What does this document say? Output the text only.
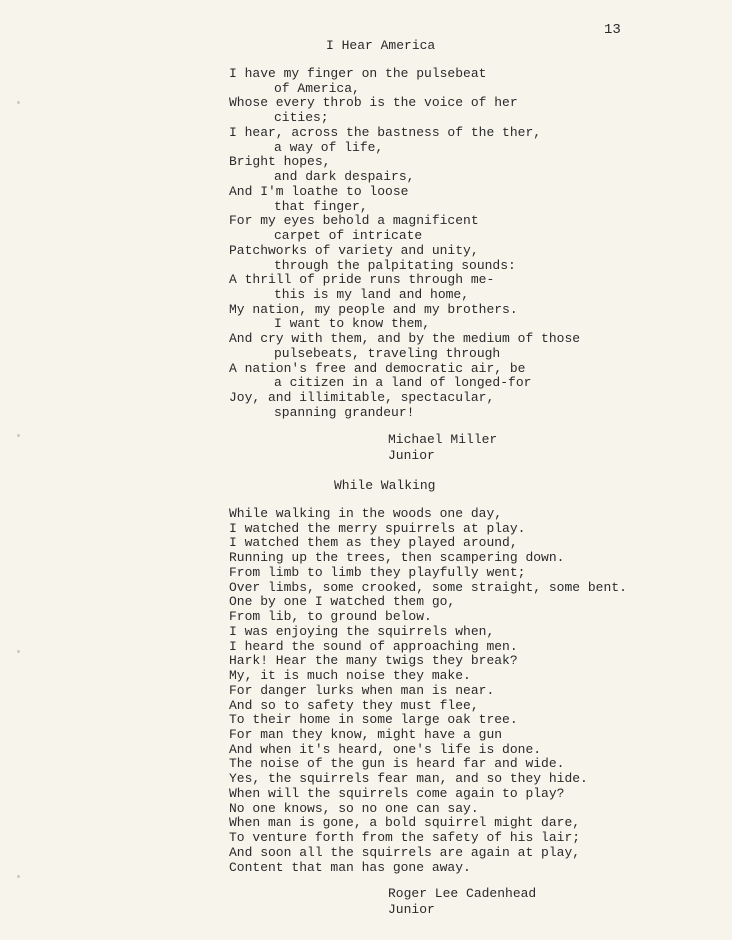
13
I Hear America
I have my finger on the pulsebeat
of America,
Whose every throb is the voice of her
cities;
I hear, across the bastness of the ther,
a way of life,
Bright hopes,
and dark despairs,
And I'm loathe to loose
that finger,
For my eyes behold a magnificent
carpet of intricate
Patchworks of variety and unity,
through the palpitating sounds:
A thrill of pride runs through me-
this is my land and home,
My nation, my people and my brothers.
I want to know them,
And cry with them, and by the medium of those
pulsebeats, traveling through
A nation's free and democratic air, be
a citizen in a land of longed-for
Joy, and illimitable, spectacular,
spanning grandeur!
Michael Miller
Junior
While Walking
While walking in the woods one day,
I watched the merry spuirrels at play.
I watched them as they played around,
Running up the trees, then scampering down.
From limb to limb they playfully went;
Over limbs, some crooked, some straight, some bent.
One by one I watched them go,
From lib, to ground below.
I was enjoying the squirrels when,
I heard the sound of approaching men.
Hark! Hear the many twigs they break?
My, it is much noise they make.
For danger lurks when man is near.
And so to safety they must flee,
To their home in some large oak tree.
For man they know, might have a gun
And when it's heard, one's life is done.
The noise of the gun is heard far and wide.
Yes, the squirrels fear man, and so they hide.
When will the squirrels come again to play?
No one knows, so no one can say.
When man is gone, a bold squirrel might dare,
To venture forth from the safety of his lair;
And soon all the squirrels are again at play,
Content that man has gone away.
Roger Lee Cadenhead
Junior
